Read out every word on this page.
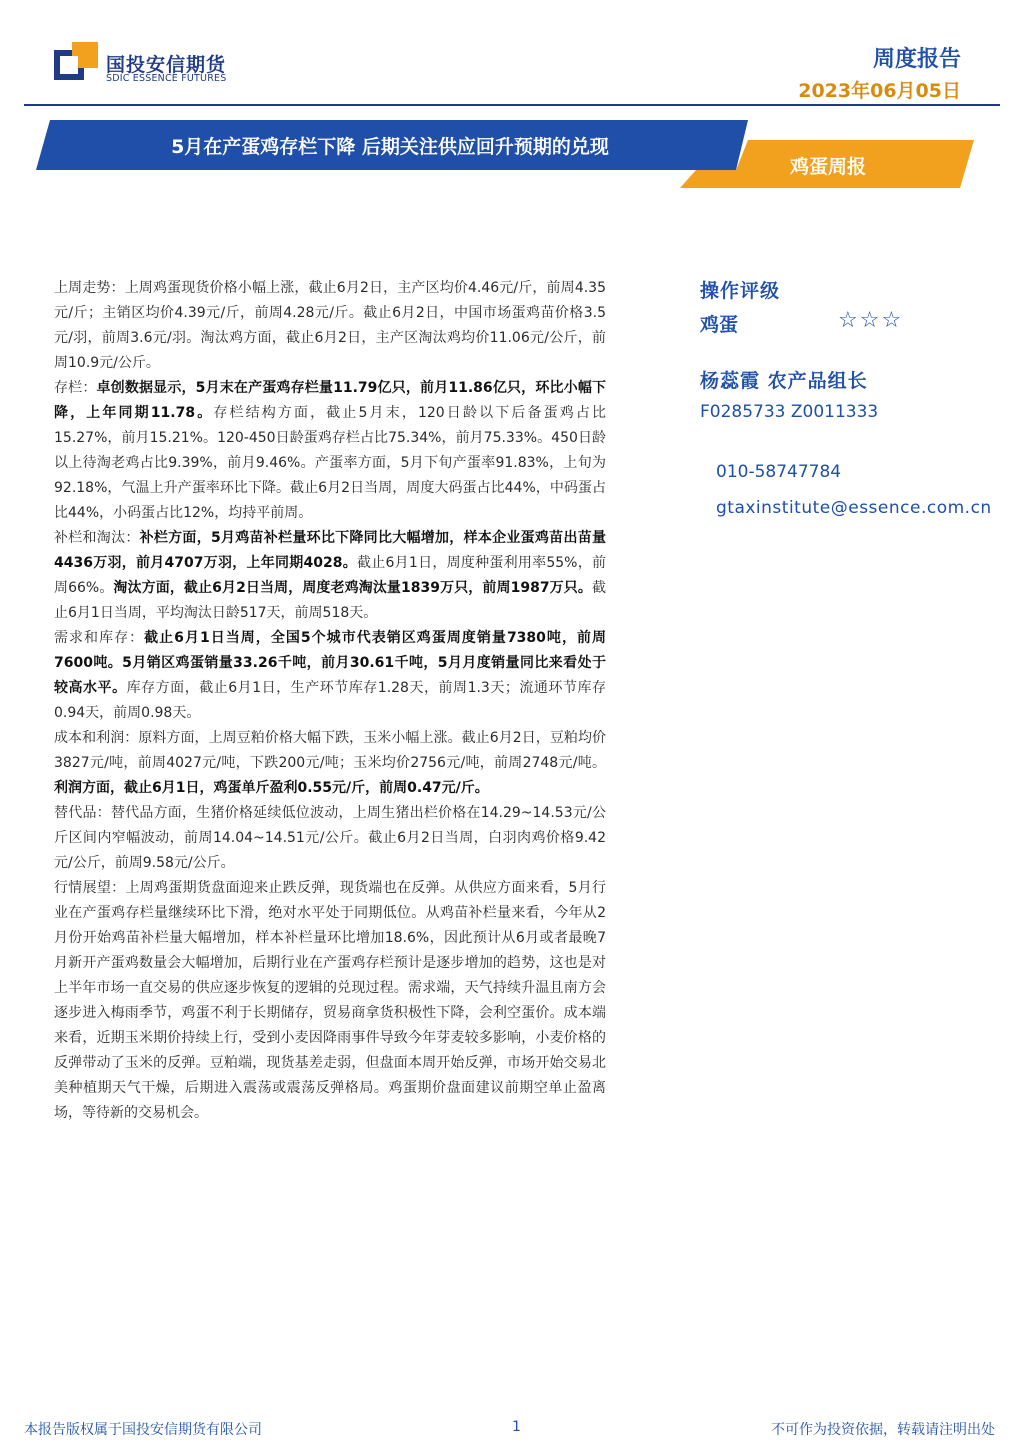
国投安信期货
SDIC ESSENCE FUTURES
周度报告
2023年06月05日
5月在产蛋鸡存栏下降 后期关注供应回升预期的兑现
鸡蛋周报

上周走势：上周鸡蛋现货价格小幅上涨，截止6月2日，主产区均价4.46元/斤，前周4.35元/斤；主销区均价4.39元/斤，前周4.28元/斤。截止6月2日，中国市场蛋鸡苗价格3.5元/羽，前周3.6元/羽。淘汰鸡方面，截止6月2日，主产区淘汰鸡均价11.06元/公斤，前周10.9元/公斤。

存栏：卓创数据显示，5月末在产蛋鸡存栏量11.79亿只，前月11.86亿只，环比小幅下降，上年同期11.78。存栏结构方面，截止5月末，120日龄以下后备蛋鸡占比15.27%，前月15.21%。120-450日龄蛋鸡存栏占比75.34%，前月75.33%。450日龄以上待淘老鸡占比9.39%，前月9.46%。产蛋率方面，5月下旬产蛋率91.83%，上旬为92.18%，气温上升产蛋率环比下降。截止6月2日当周，周度大码蛋占比44%，中码蛋占比44%，小码蛋占比12%，均持平前周。

补栏和淘汰：补栏方面，5月鸡苗补栏量环比下降同比大幅增加，样本企业蛋鸡苗出苗量4436万羽，前月4707万羽，上年同期4028。截止6月1日，周度种蛋利用率55%，前周66%。淘汰方面，截止6月2日当周，周度老鸡淘汰量1839万只，前周1987万只。截止6月1日当周，平均淘汰日龄517天，前周518天。

需求和库存：截止6月1日当周，全国5个城市代表销区鸡蛋周度销量7380吨，前周7600吨。5月销区鸡蛋销量33.26千吨，前月30.61千吨，5月月度销量同比来看处于较高水平。库存方面，截止6月1日，生产环节库存1.28天，前周1.3天；流通环节库存0.94天，前周0.98天。

成本和利润：原料方面，上周豆粕价格大幅下跌，玉米小幅上涨。截止6月2日，豆粕均价3827元/吨，前周4027元/吨，下跌200元/吨；玉米均价2756元/吨，前周2748元/吨。利润方面，截止6月1日，鸡蛋单斤盈利0.55元/斤，前周0.47元/斤。

替代品：替代品方面，生猪价格延续低位波动，上周生猪出栏价格在14.29~14.53元/公斤区间内窄幅波动，前周14.04~14.51元/公斤。截止6月2日当周，白羽肉鸡价格9.42元/公斤，前周9.58元/公斤。

行情展望：上周鸡蛋期货盘面迎来止跌反弹，现货端也在反弹。从供应方面来看，5月行业在产蛋鸡存栏量继续环比下滑，绝对水平处于同期低位。从鸡苗补栏量来看，今年从2月份开始鸡苗补栏量大幅增加，样本补栏量环比增加18.6%，因此预计从6月或者最晚7月新开产蛋鸡数量会大幅增加，后期行业在产蛋鸡存栏预计是逐步增加的趋势，这也是对上半年市场一直交易的供应逐步恢复的逻辑的兑现过程。需求端，天气持续升温且南方会逐步进入梅雨季节，鸡蛋不利于长期储存，贸易商拿货积极性下降，会利空蛋价。成本端来看，近期玉米期价持续上行，受到小麦因降雨事件导致今年芽麦较多影响，小麦价格的反弹带动了玉米的反弹。豆粕端，现货基差走弱，但盘面本周开始反弹，市场开始交易北美种植期天气干燥，后期进入震荡或震荡反弹格局。鸡蛋期价盘面建议前期空单止盈离场，等待新的交易机会。

操作评级
鸡蛋	☆☆☆
杨蕊霞 农产品组长
F0285733 Z0011333
010-58747784
gtaxinstitute@essence.com.cn
本报告版权属于国投安信期货有限公司	1	不可作为投资依据，转载请注明出处
